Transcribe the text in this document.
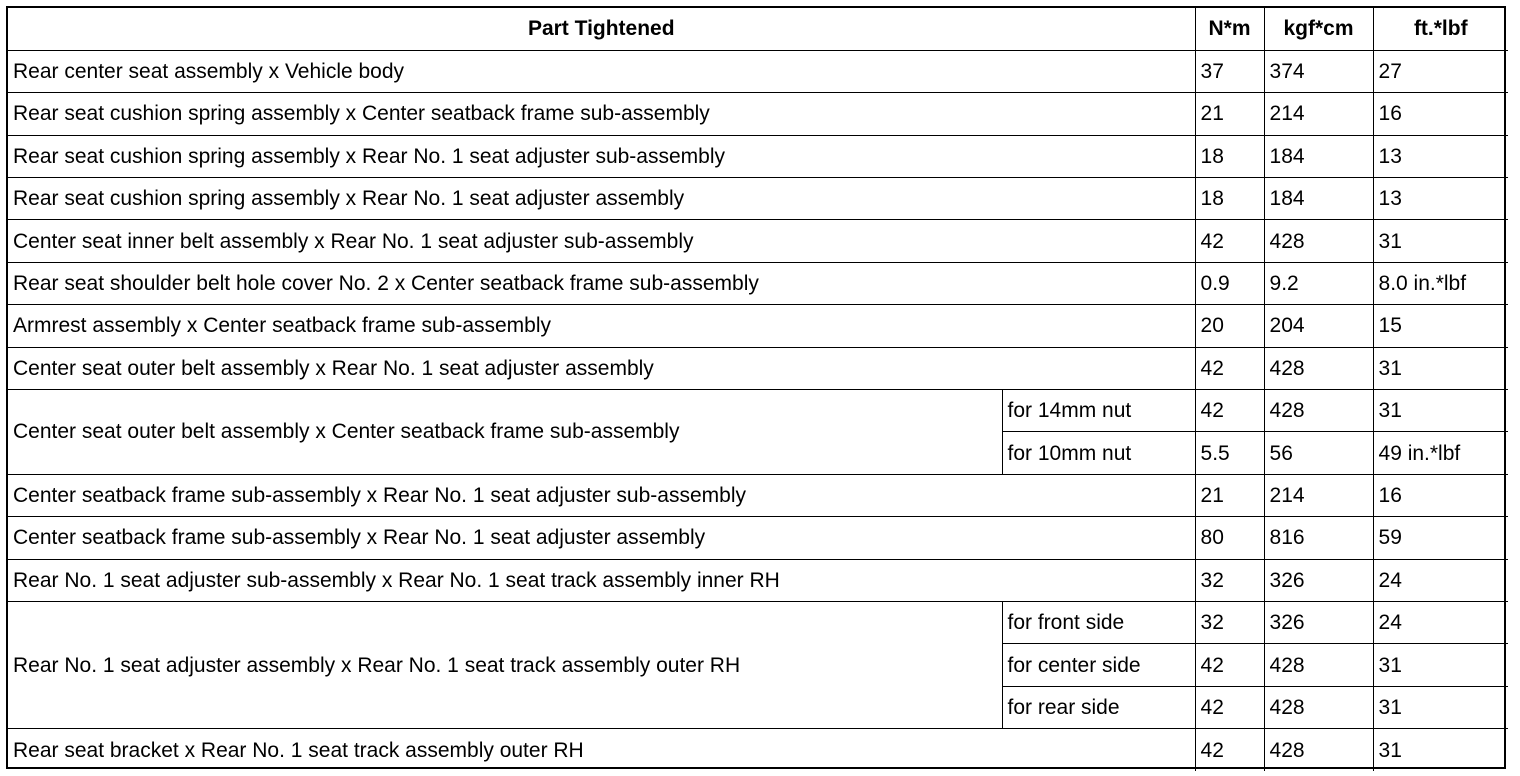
Part Tightened		N*m	kgf*cm	ft.*lbf
Rear center seat assembly x Vehicle body		37	374	27
Rear seat cushion spring assembly x Center seatback frame sub-assembly		21	214	16
Rear seat cushion spring assembly x Rear No. 1 seat adjuster sub-assembly		18	184	13
Rear seat cushion spring assembly x Rear No. 1 seat adjuster assembly		18	184	13
Center seat inner belt assembly x Rear No. 1 seat adjuster sub-assembly		42	428	31
Rear seat shoulder belt hole cover No. 2 x Center seatback frame sub-assembly		0.9	9.2	8.0 in.*lbf
Armrest assembly x Center seatback frame sub-assembly		20	204	15
Center seat outer belt assembly x Rear No. 1 seat adjuster assembly		42	428	31
Center seat outer belt assembly x Center seatback frame sub-assembly	for 14mm nut	42	428	31
	for 10mm nut	5.5	56	49 in.*lbf
Center seatback frame sub-assembly x Rear No. 1 seat adjuster sub-assembly		21	214	16
Center seatback frame sub-assembly x Rear No. 1 seat adjuster assembly		80	816	59
Rear No. 1 seat adjuster sub-assembly x Rear No. 1 seat track assembly inner RH		32	326	24
Rear No. 1 seat adjuster assembly x Rear No. 1 seat track assembly outer RH	for front side	32	326	24
	for center side	42	428	31
	for rear side	42	428	31
Rear seat bracket x Rear No. 1 seat track assembly outer RH		42	428	31
